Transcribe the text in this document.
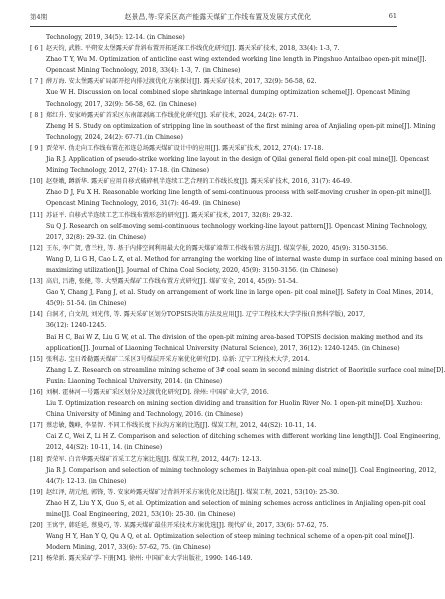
第4期	赵景昌,等:穿采区高产能露天煤矿工作线布置及发展方式优化	61
Technology, 2019, 34(5): 12-14. (in Chinese)
[ 6 ] 赵天钧, 武胜. 平朔安太堡露天矿背斜布置开拓延深工作线优化研究[J]. 露天采矿技术, 2018, 33(4): 1-3, 7.
Zhao T Y, Wu M. Optimization of anticline east wing extended working line length in Pingshuo Antaibao open-pit mine[J].
Opencast Mining Technology, 2018, 33(4): 1-3, 7. (in Chinese)
[ 7 ] 薛万海. 安太堡露天矿局部开挖内排过渡优化方案探讨[J]. 露天采矿技术, 2017, 32(9): 56-58, 62.
Xue W H. Discussion on local combined slope shrinkage internal dumping optimization scheme[J]. Opencast Mining
Technology, 2017, 32(9): 56-58, 62. (in Chinese)
[ 8 ] 郑红升. 安家岭露天矿首采区东南部剥离工作线优化研究[J]. 采矿技术, 2024, 24(2): 67-71.
Zheng H S. Study on optimization of stripping line in southeast of the first mining area of Anjialing open-pit mine[J]. Mining
Technology, 2024, 24(2): 67-71.(in Chinese)
[ 9 ] 贾荣军. 伪走向工作线布置在祁连总场露天煤矿设计中的应用[J]. 露天采矿技术, 2012, 27(4): 17-18.
Jia R J. Application of pseudo-strike working line layout in the design of Qilai general field open-pit coal mine[J]. Opencast
Mining Technology, 2012, 27(4): 17-18. (in Chinese)
[10] 赵登娥, 蹲新华. 露天矿应用自移式破碎机半连续工艺合理的工作线长度[J]. 露天采矿技术, 2016, 31(7): 46-49.
Zhao D J, Fu X H. Reasonable working line length of semi-continuous process with self-moving crusher in open-pit mine[J].
Opencast Mining Technology, 2016, 31(7): 46-49. (in Chinese)
[11] 苏证平. 自移式半连续工艺工作线布置形态的研究[J]. 露天采矿技术, 2017, 32(8): 29-32.
Su Q J. Research on self-moving semi-continuous technology working-line layout pattern[J]. Opencast Mining Technology,
2017, 32(8): 29-32. (in Chinese)
[12] 王东, 李广贺, 曹兰柱, 等. 基于内排空间利用最大化的露天煤矿端帮工作线布置方法[J]. 煤炭学报, 2020, 45(9): 3150-3156.
Wang D, Li G H, Cao L Z, et al. Method for arranging the working line of internal waste dump in surface coal mining based on
maximizing utilization[J]. Journal of China Coal Society, 2020, 45(9): 3150-3156. (in Chinese)
[13] 高启, 吕港, 张健, 等. 大型露天煤矿工作线布置方式研究[J]. 煤矿安全, 2014, 45(9): 51-54.
Gao Y, Chang J, Fang J, et al. Study on arrangement of work line in large open- pit coal mine[J]. Safety in Coal Mines, 2014,
45(9): 51-54. (in Chinese)
[14] 白洞才, 白文胡, 刘光伟, 等. 露天采矿区划分TOPSIS决策方法及应用[J]. 辽宁工程技术大学学报(自然科学版), 2017,
36(12): 1240-1245.
Bai H C, Bai W Z, Liu G W, et al. The division of the open-pit mining area-based TOPSIS decision making method and its
application[J]. Journal of Liaoning Technical University (Natural Science), 2017, 36(12): 1240-1245. (in Chinese)
[15] 张利志. 宝日希勒露天煤矿二采区3号煤层开采方案优化研究[D]. 阜新: 辽宁工程技术大学, 2014.
Zhang L Z. Research on streamline mining scheme of 3# coal seam in second mining district of Baorixile surface coal mine[D].
Fuxin: Liaoning Technical University, 2014. (in Chinese)
[16] 刘桐. 霍林河一号露天矿采区划分及过渡优化研究[D]. 徐州: 中国矿业大学, 2016.
Liu T. Optimization research on mining section dividing and transition for Huolin River No. 1 open-pit mine[D]. Xuzhou:
China University of Mining and Technology, 2016. (in Chinese)
[17] 蔡忠敏, 魏峰, 李显智. 不同工作线长度下拉沟方案的比选[J]. 煤炭工程, 2012, 44(S2): 10-11, 14.
Cai Z C, Wei Z, Li H Z. Comparison and selection of ditching schemes with different working line length[J]. Coal Engineering,
2012, 44(S2): 10-11, 14. (in Chinese)
[18] 贾荣军. 白音华露天煤矿首采工艺方案比选[J]. 煤炭工程, 2012, 44(7): 12-13.
Jia R J. Comparison and selection of mining technology schemes in Baiyinhua open-pit coal mine[J]. Coal Engineering, 2012,
44(7): 12-13. (in Chinese)
[19] 赵红泽, 胡元旭, 郭锋, 等. 安家岭露天煤矿过背斜开采方案优化及比选[J]. 煤炭工程, 2021, 53(10): 25-30.
Zhao H Z, Liu Y X, Guo S, et al. Optimization and selection of mining schemes across anticlines in Anjialing open-pit coal
mine[J]. Coal Engineering, 2021, 53(10): 25-30. (in Chinese)
[20] 王寓宇, 韩廷延, 蔡曼巧, 等. 某露天煤矿最佳开采技术方案优选[J]. 现代矿业, 2017, 33(6): 57-62, 75.
Wang H Y, Han Y Q, Qu A Q, et al. Optimization selection of steep mining technical scheme of a open-pit coal mine[J].
Modern Mining, 2017, 33(6): 57-62, 75. (in Chinese)
[21] 杨荣新. 露天采矿学-下册[M]. 徐州: 中国矿业大学出版社, 1990: 146-149.
